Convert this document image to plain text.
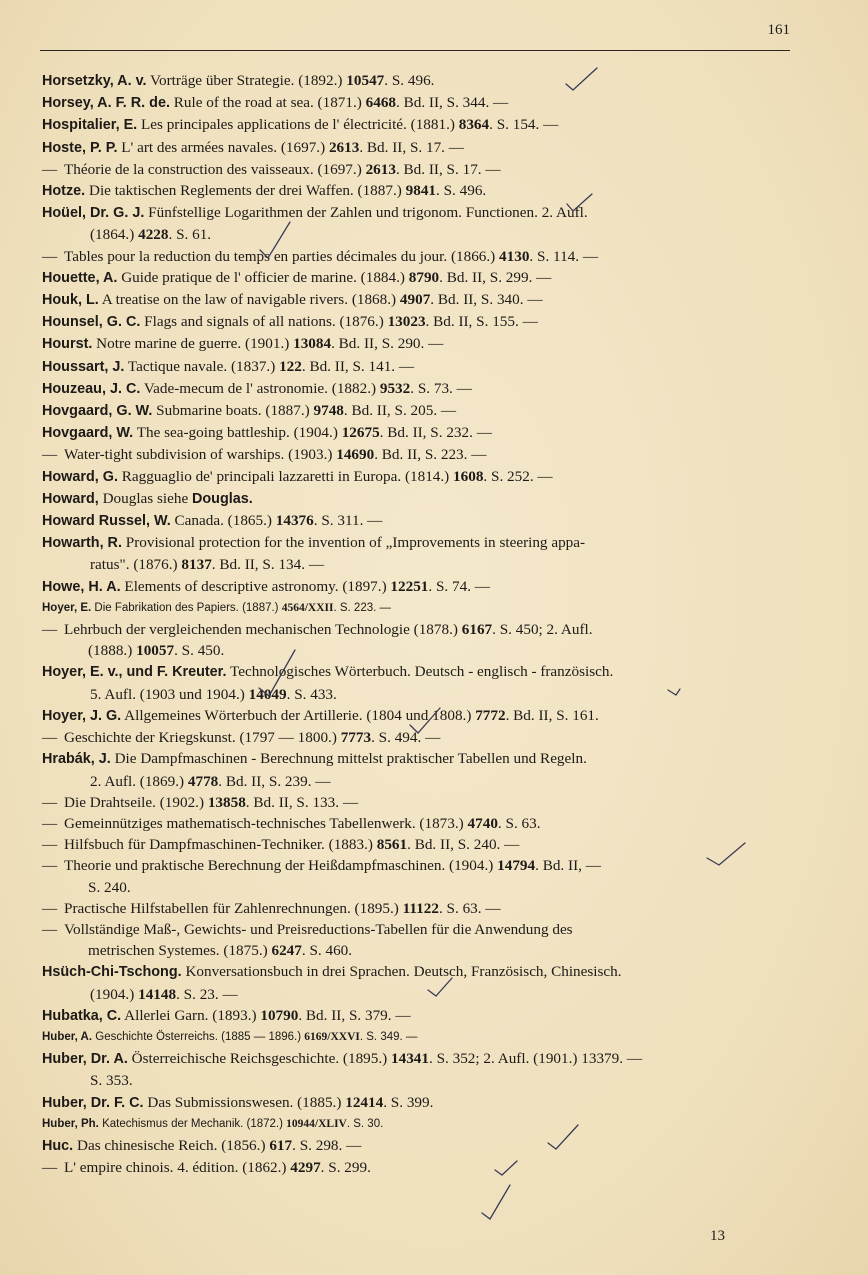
161
Horsetzky, A. v. Vorträge über Strategie. (1892.) 10547. S. 496.
Horsey, A. F. R. de. Rule of the road at sea. (1871.) 6468. Bd. II, S. 344. —
Hospitalier, E. Les principales applications de l' électricité. (1881.) 8364. S. 154. —
Hoste, P. P. L' art des armées navales. (1697.) 2613. Bd. II, S. 17. —
— Théorie de la construction des vaisseaux. (1697.) 2613. Bd. II, S. 17. —
Hotze. Die taktischen Reglements der drei Waffen. (1887.) 9841. S. 496.
Hoüel, Dr. G. J. Fünfstellige Logarithmen der Zahlen und trigonom. Functionen. 2. Aufl.
(1864.) 4228. S. 61.
— Tables pour la reduction du temps en parties décimales du jour. (1866.) 4130. S. 114. —
Houette, A. Guide pratique de l' officier de marine. (1884.) 8790. Bd. II, S. 299. —
Houk, L. A treatise on the law of navigable rivers. (1868.) 4907. Bd. II, S. 340. —
Hounsel, G. C. Flags and signals of all nations. (1876.) 13023. Bd. II, S. 155. —
Hourst. Notre marine de guerre. (1901.) 13084. Bd. II, S. 290. —
Houssart, J. Tactique navale. (1837.) 122. Bd. II, S. 141. —
Houzeau, J. C. Vade-mecum de l' astronomie. (1882.) 9532. S. 73. —
Hovgaard, G. W. Submarine boats. (1887.) 9748. Bd. II, S. 205. —
Hovgaard, W. The sea-going battleship. (1904.) 12675. Bd. II, S. 232. —
— Water-tight subdivision of warships. (1903.) 14690. Bd. II, S. 223. —
Howard, G. Ragguaglio de' principali lazzaretti in Europa. (1814.) 1608. S. 252. —
Howard, Douglas siehe Douglas.
Howard Russel, W. Canada. (1865.) 14376. S. 311. —
Howarth, R. Provisional protection for the invention of „Improvements in steering appa-
ratus". (1876.) 8137. Bd. II, S. 134. —
Howe, H. A. Elements of descriptive astronomy. (1897.) 12251. S. 74. —
Hoyer, E. Die Fabrikation des Papiers. (1887.) 4564/XXII. S. 223. —
— Lehrbuch der vergleichenden mechanischen Technologie (1878.) 6167. S. 450; 2. Aufl.
(1888.) 10057. S. 450.
Hoyer, E. v., und F. Kreuter. Technologisches Wörterbuch. Deutsch - englisch - französisch.
5. Aufl. (1903 und 1904.) 14049. S. 433.
Hoyer, J. G. Allgemeines Wörterbuch der Artillerie. (1804 und 1808.) 7772. Bd. II, S. 161.
— Geschichte der Kriegskunst. (1797 — 1800.) 7773. S. 494. —
Hrabák, J. Die Dampfmaschinen - Berechnung mittelst praktischer Tabellen und Regeln.
2. Aufl. (1869.) 4778. Bd. II, S. 239. —
— Die Drahtseile. (1902.) 13858. Bd. II, S. 133. —
— Gemeinnütziges mathematisch-technisches Tabellenwerk. (1873.) 4740. S. 63.
— Hilfsbuch für Dampfmaschinen-Techniker. (1883.) 8561. Bd. II, S. 240. —
— Theorie und praktische Berechnung der Heißdampfmaschinen. (1904.) 14794. Bd. II, —
S. 240.
— Practische Hilfstabellen für Zahlenrechnungen. (1895.) 11122. S. 63. —
— Vollständige Maß-, Gewichts- und Preisreductions-Tabellen für die Anwendung des
metrischen Systemes. (1875.) 6247. S. 460.
Hsüch-Chi-Tschong. Konversationsbuch in drei Sprachen. Deutsch, Französisch, Chinesisch.
(1904.) 14148. S. 23. —
Hubatka, C. Allerlei Garn. (1893.) 10790. Bd. II, S. 379. —
Huber, A. Geschichte Österreichs. (1885 — 1896.) 6169/XXVI. S. 349. —
Huber, Dr. A. Österreichische Reichsgeschichte. (1895.) 14341. S. 352; 2. Aufl. (1901.) 13379. —
S. 353.
Huber, Dr. F. C. Das Submissionswesen. (1885.) 12414. S. 399.
Huber, Ph. Katechismus der Mechanik. (1872.) 10944/XLIV. S. 30.
Huc. Das chinesische Reich. (1856.) 617. S. 298. —
— L' empire chinois. 4. édition. (1862.) 4297. S. 299.
13
